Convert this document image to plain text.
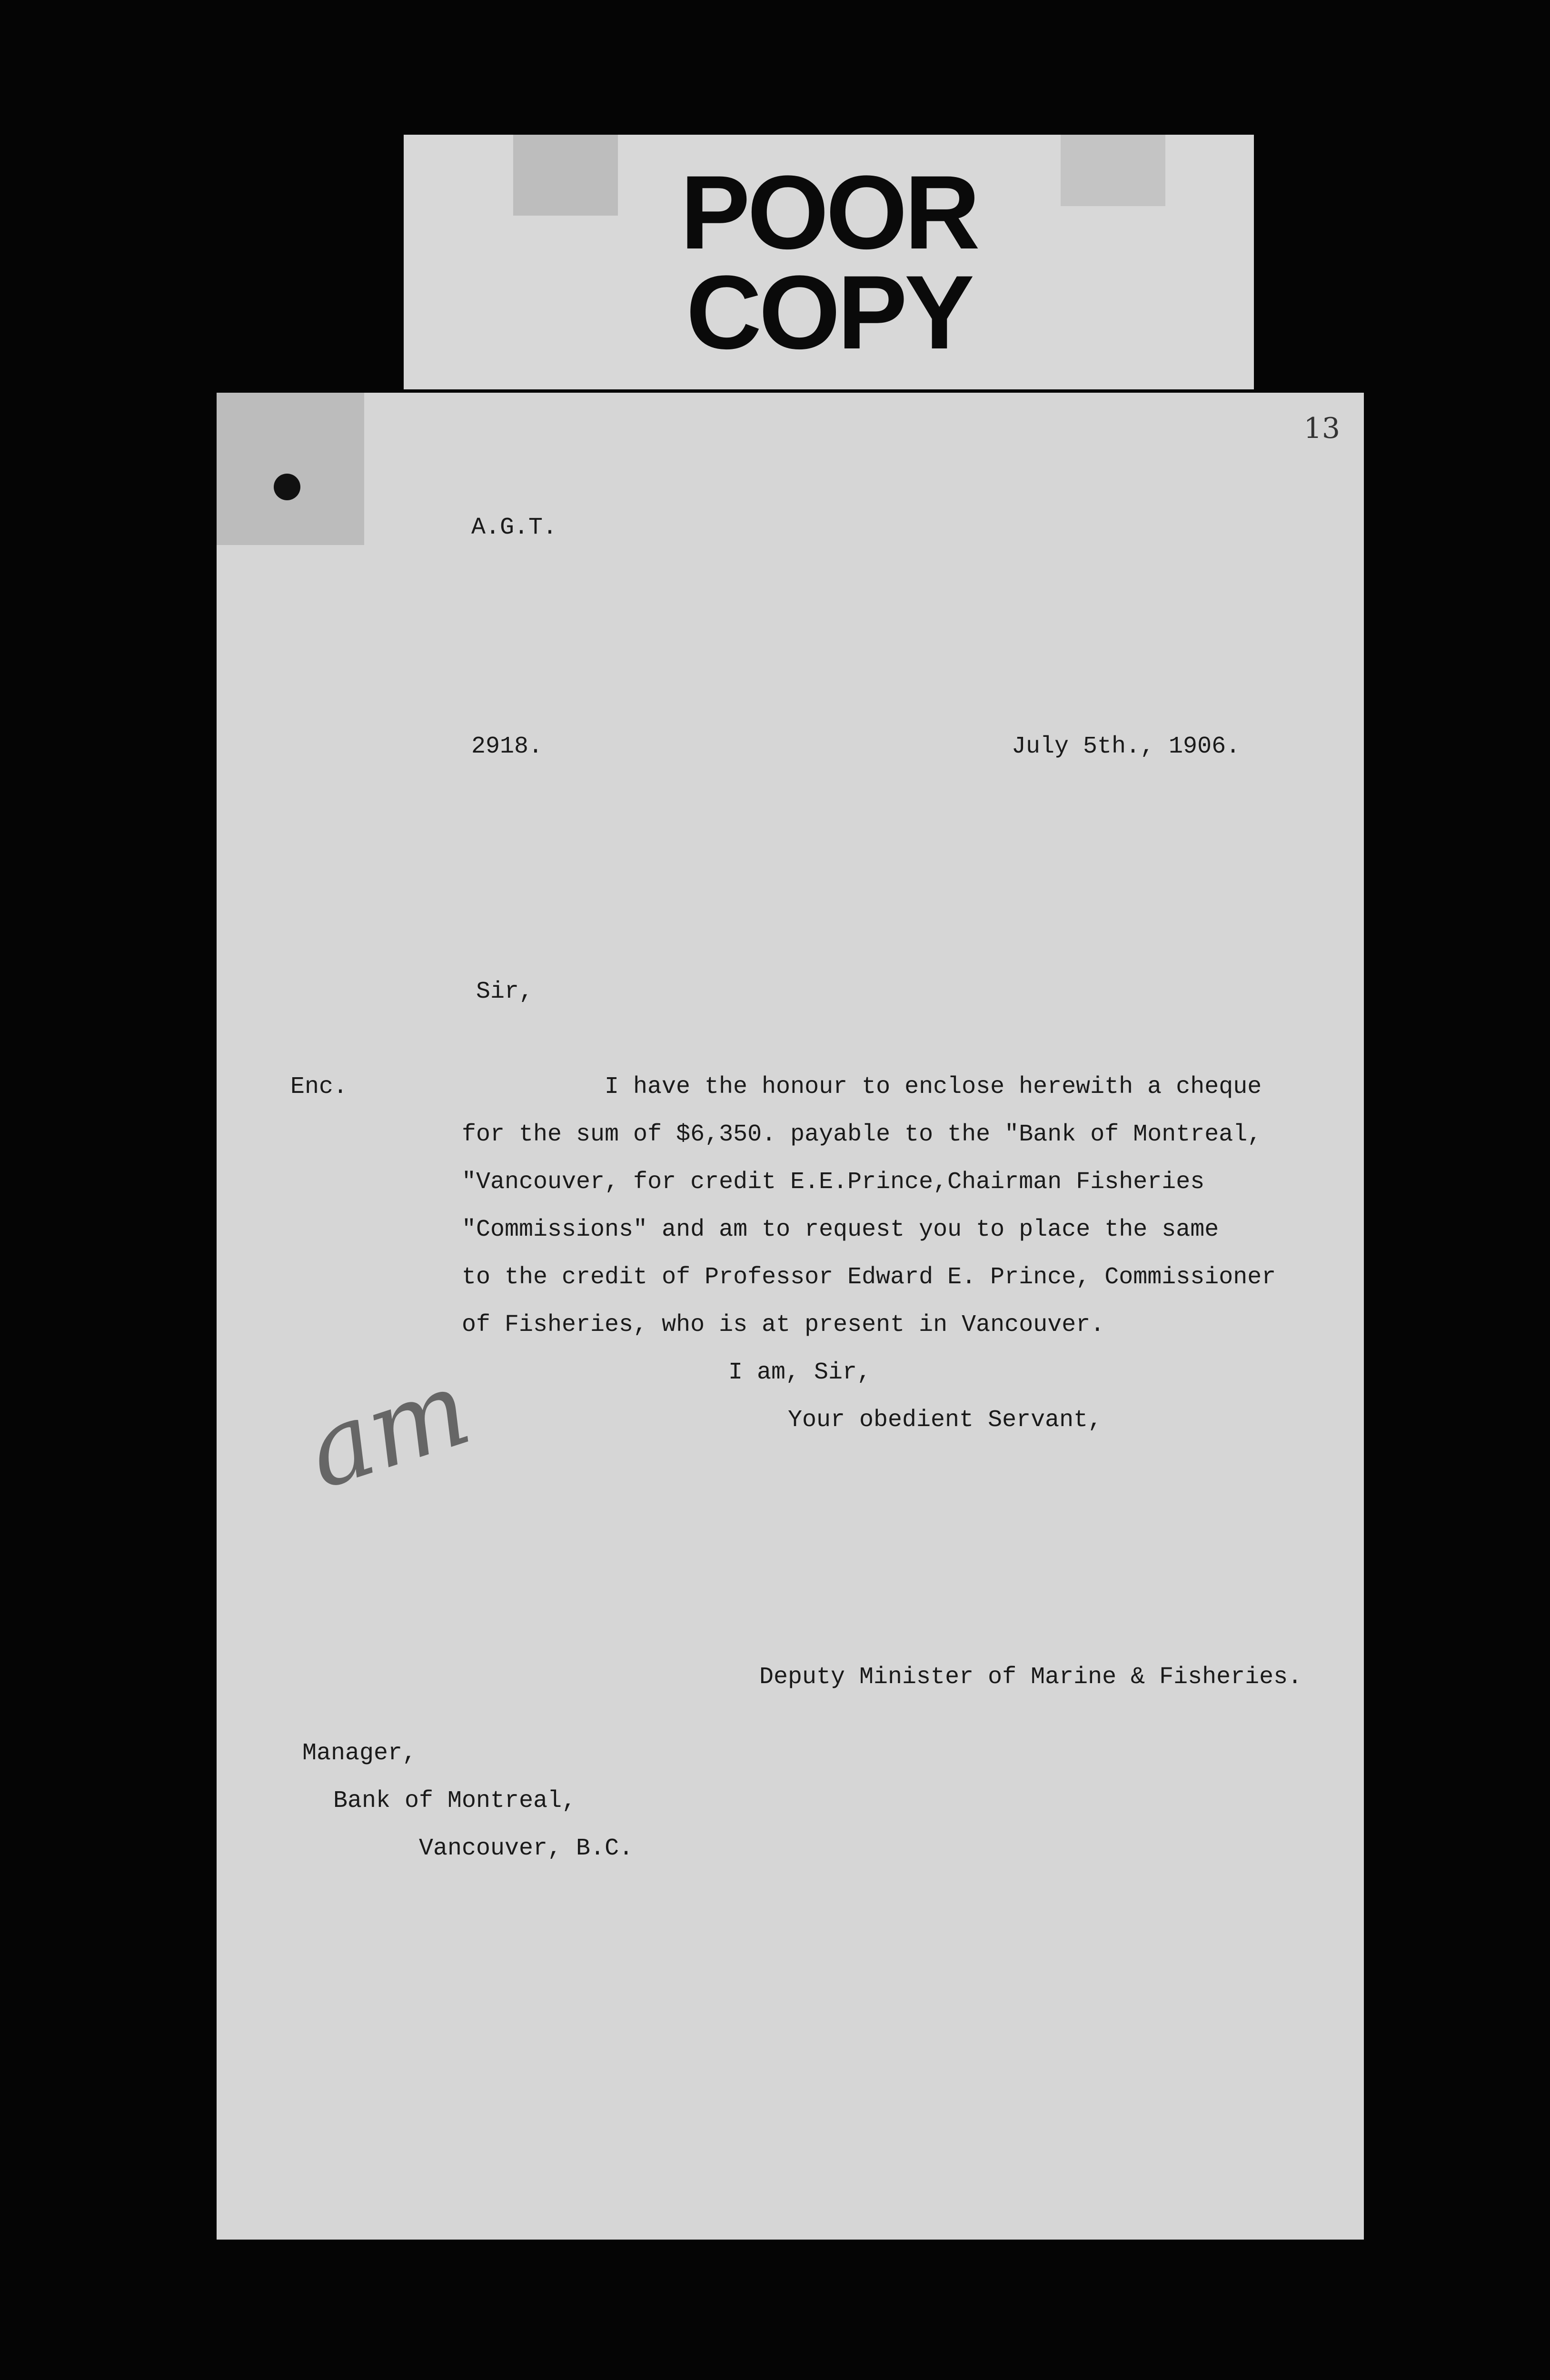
POOR
COPY
13
A.G.T.
2918.	July 5th., 1906.
Sir,
Enc.	I have the honour to enclose herewith a cheque
for the sum of $6,350. payable to the "Bank of Montreal,
"Vancouver, for credit E.E.Prince,Chairman Fisheries
"Commissions" and am to request you to place the same
to the credit of Professor Edward E. Prince, Commissioner
of Fisheries, who is at present in Vancouver.
I am, Sir,
Your obedient Servant,
am
Deputy Minister of Marine & Fisheries.
Manager,
Bank of Montreal,
Vancouver, B.C.
